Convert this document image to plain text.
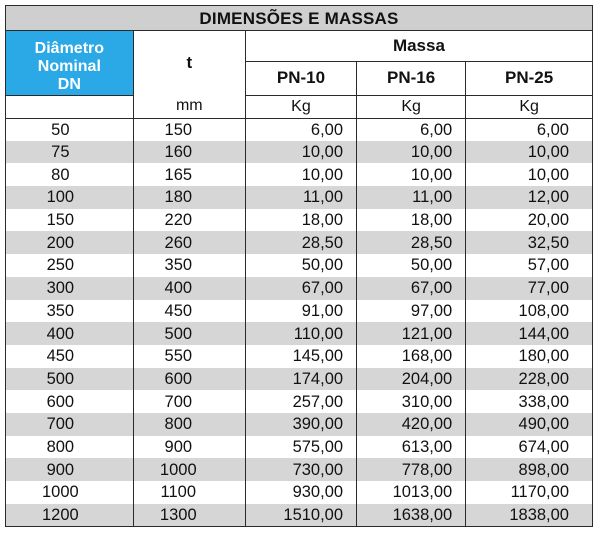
DIMENSÕES E MASSAS
Diâmetro
Nominal
DN	t	Massa		
		PN-10	PN-16	PN-25
	mm	Kg	Kg	Kg
50	150	6,00	6,00	6,00
75	160	10,00	10,00	10,00
80	165	10,00	10,00	10,00
100	180	11,00	11,00	12,00
150	220	18,00	18,00	20,00
200	260	28,50	28,50	32,50
250	350	50,00	50,00	57,00
300	400	67,00	67,00	77,00
350	450	91,00	97,00	108,00
400	500	110,00	121,00	144,00
450	550	145,00	168,00	180,00
500	600	174,00	204,00	228,00
600	700	257,00	310,00	338,00
700	800	390,00	420,00	490,00
800	900	575,00	613,00	674,00
900	1000	730,00	778,00	898,00
1000	1100	930,00	1013,00	1170,00
1200	1300	1510,00	1638,00	1838,00
